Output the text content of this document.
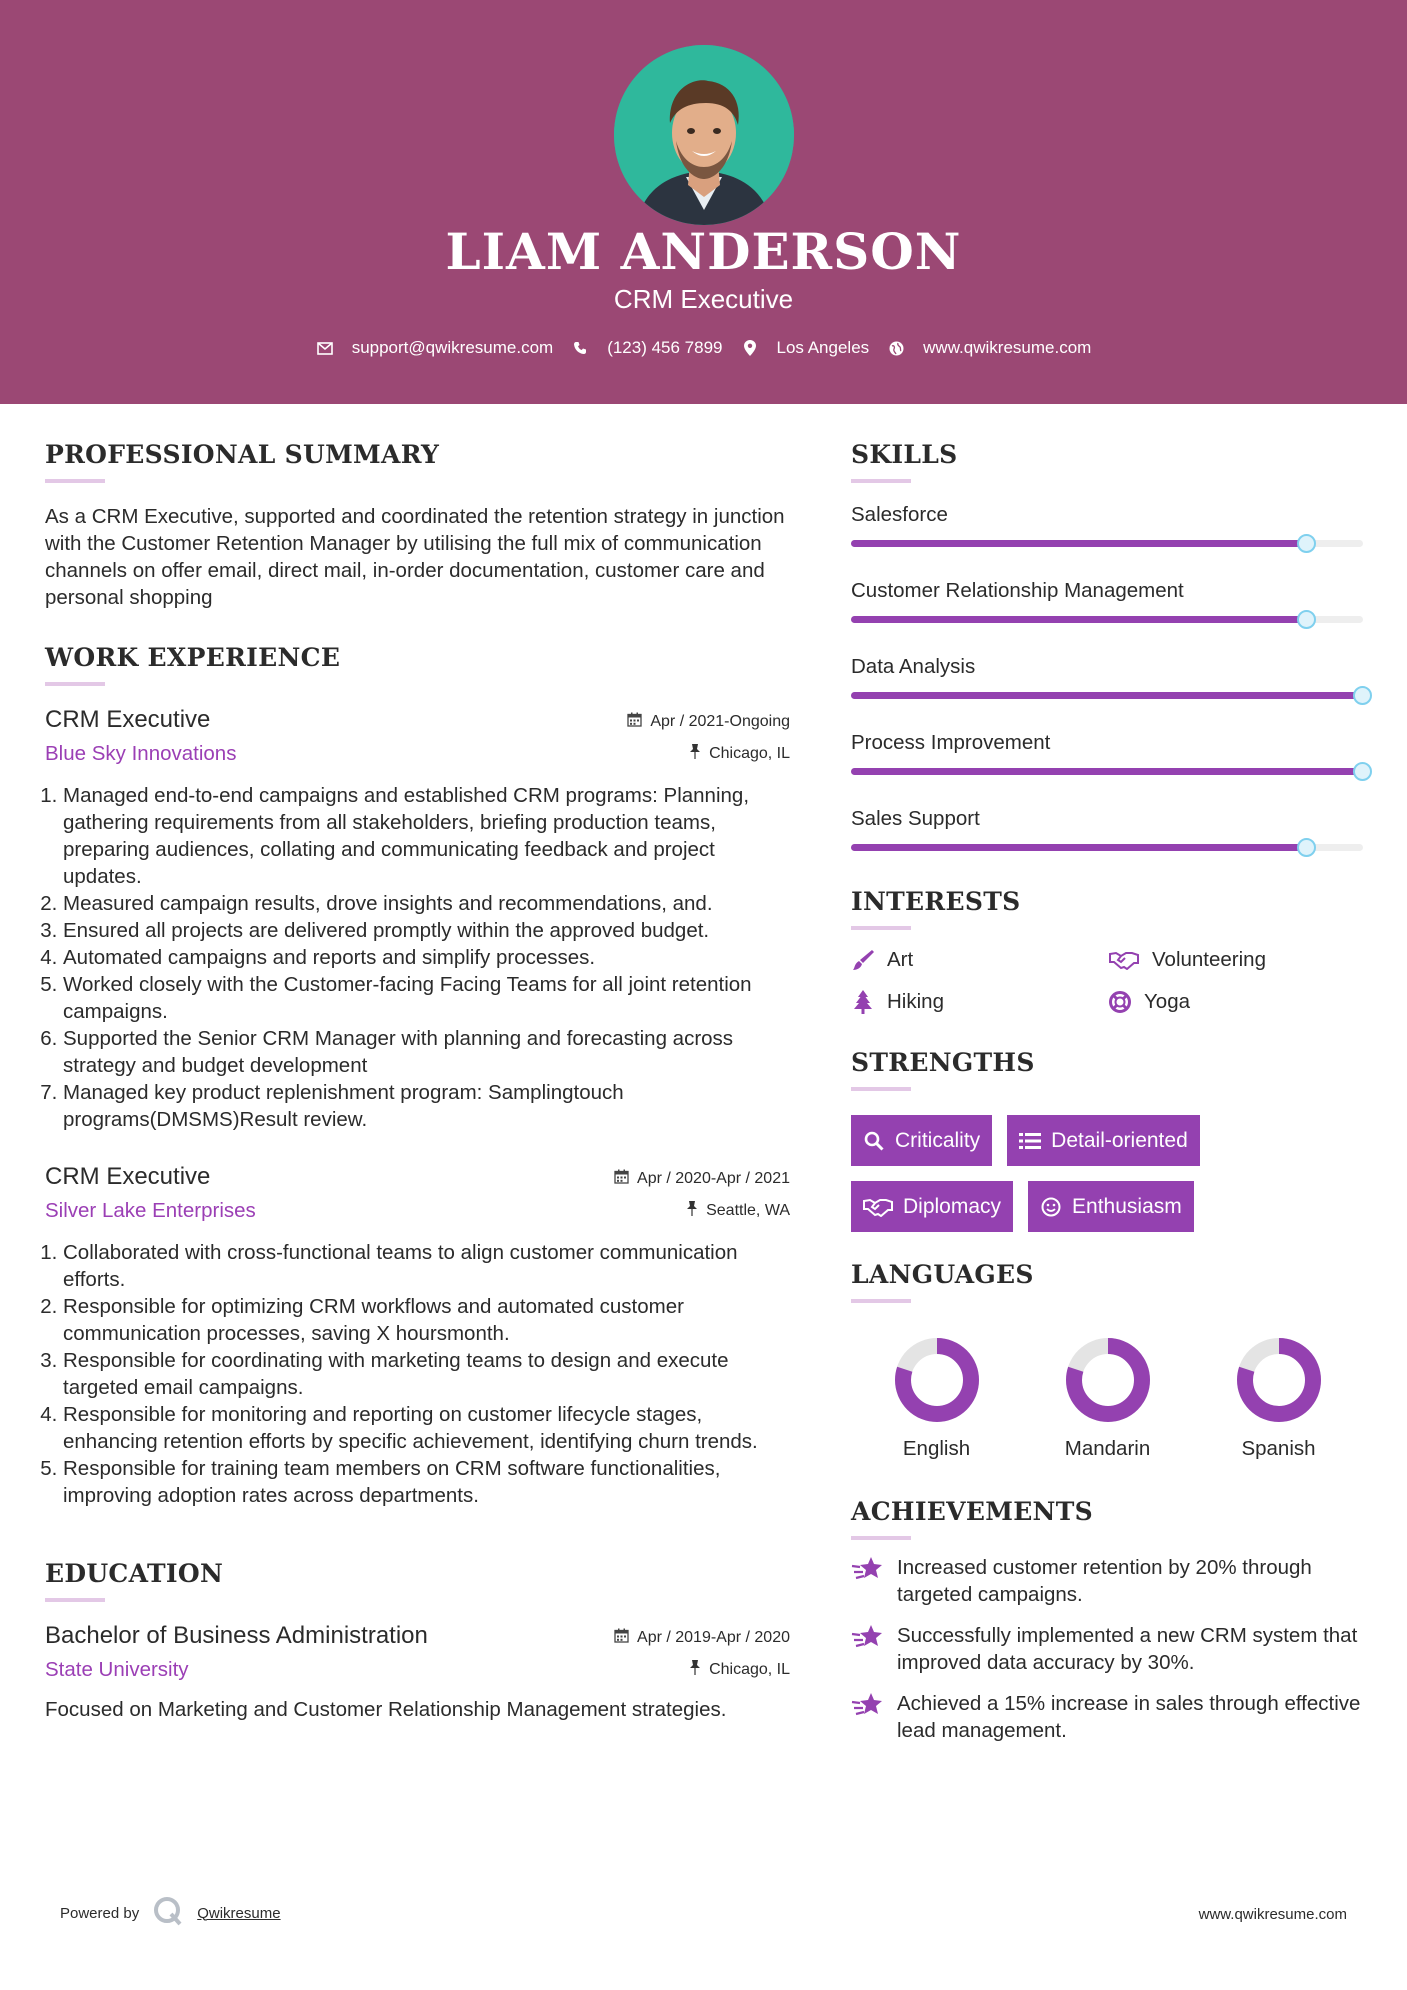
LIAM ANDERSON
CRM Executive
support@qwikresume.com	(123) 456 7899	Los Angeles	www.qwikresume.com
PROFESSIONAL SUMMARY

As a CRM Executive, supported and coordinated the retention strategy in junction with the Customer Retention Manager by utilising the full mix of communication channels on offer email, direct mail, in-order documentation, customer care and personal shopping

WORK EXPERIENCE
CRM Executive
Blue Sky Innovations
Apr / 2021-Ongoing
Chicago, IL
1. Managed end-to-end campaigns and established CRM programs: Planning, gathering requirements from all stakeholders, briefing production teams, preparing audiences, collating and communicating feedback and project updates.
2. Measured campaign results, drove insights and recommendations, and.
3. Ensured all projects are delivered promptly within the approved budget.
4. Automated campaigns and reports and simplify processes.
5. Worked closely with the Customer-facing Facing Teams for all joint retention campaigns.
6. Supported the Senior CRM Manager with planning and forecasting across strategy and budget development
7. Managed key product replenishment program: Samplingtouch programs(DMSMS)Result review.
CRM Executive
Silver Lake Enterprises
Apr / 2020-Apr / 2021
Seattle, WA
1. Collaborated with cross-functional teams to align customer communication efforts.
2. Responsible for optimizing CRM workflows and automated customer communication processes, saving X hoursmonth.
3. Responsible for coordinating with marketing teams to design and execute targeted email campaigns.
4. Responsible for monitoring and reporting on customer lifecycle stages, enhancing retention efforts by specific achievement, identifying churn trends.
5. Responsible for training team members on CRM software functionalities, improving adoption rates across departments.
EDUCATION
Bachelor of Business Administration
State University
Apr / 2019-Apr / 2020
Chicago, IL

Focused on Marketing and Customer Relationship Management strategies.

SKILLS
Salesforce
Customer Relationship Management
Data Analysis
Process Improvement
Sales Support
INTERESTS
Art	Volunteering
Hiking	Yoga
STRENGTHS
Criticality	Detail-oriented
Diplomacy	Enthusiasm
LANGUAGES
English	Mandarin	Spanish
ACHIEVEMENTS
Increased customer retention by 20% through targeted campaigns.
Successfully implemented a new CRM system that improved data accuracy by 30%.
Achieved a 15% increase in sales through effective lead management.
Powered by	Qwikresume	www.qwikresume.com
